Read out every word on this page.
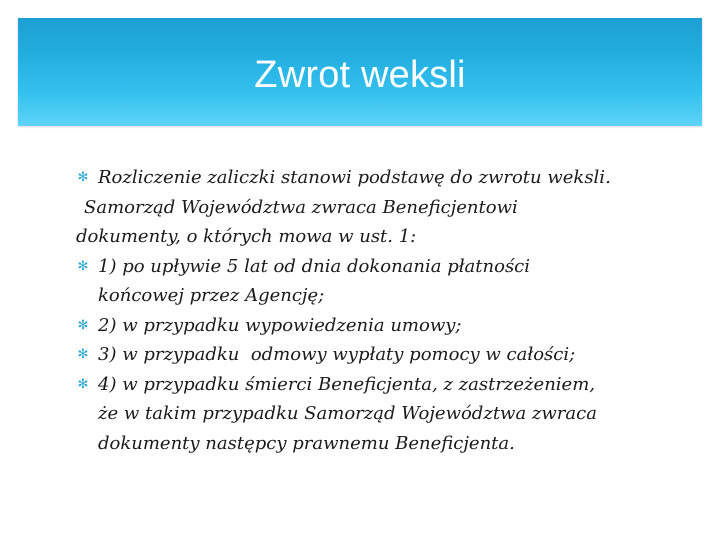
Zwrot weksli
✻ Rozliczenie zaliczki stanowi podstawę do zwrotu weksli.
Samorząd Województwa zwraca Beneficjentowi
dokumenty, o których mowa w ust. 1:
✻ 1) po upływie 5 lat od dnia dokonania płatności
końcowej przez Agencję;
✻ 2) w przypadku wypowiedzenia umowy;
✻ 3) w przypadku  odmowy wypłaty pomocy w całości;
✻ 4) w przypadku śmierci Beneficjenta, z zastrzeżeniem,
że w takim przypadku Samorząd Województwa zwraca
dokumenty następcy prawnemu Beneficjenta.
